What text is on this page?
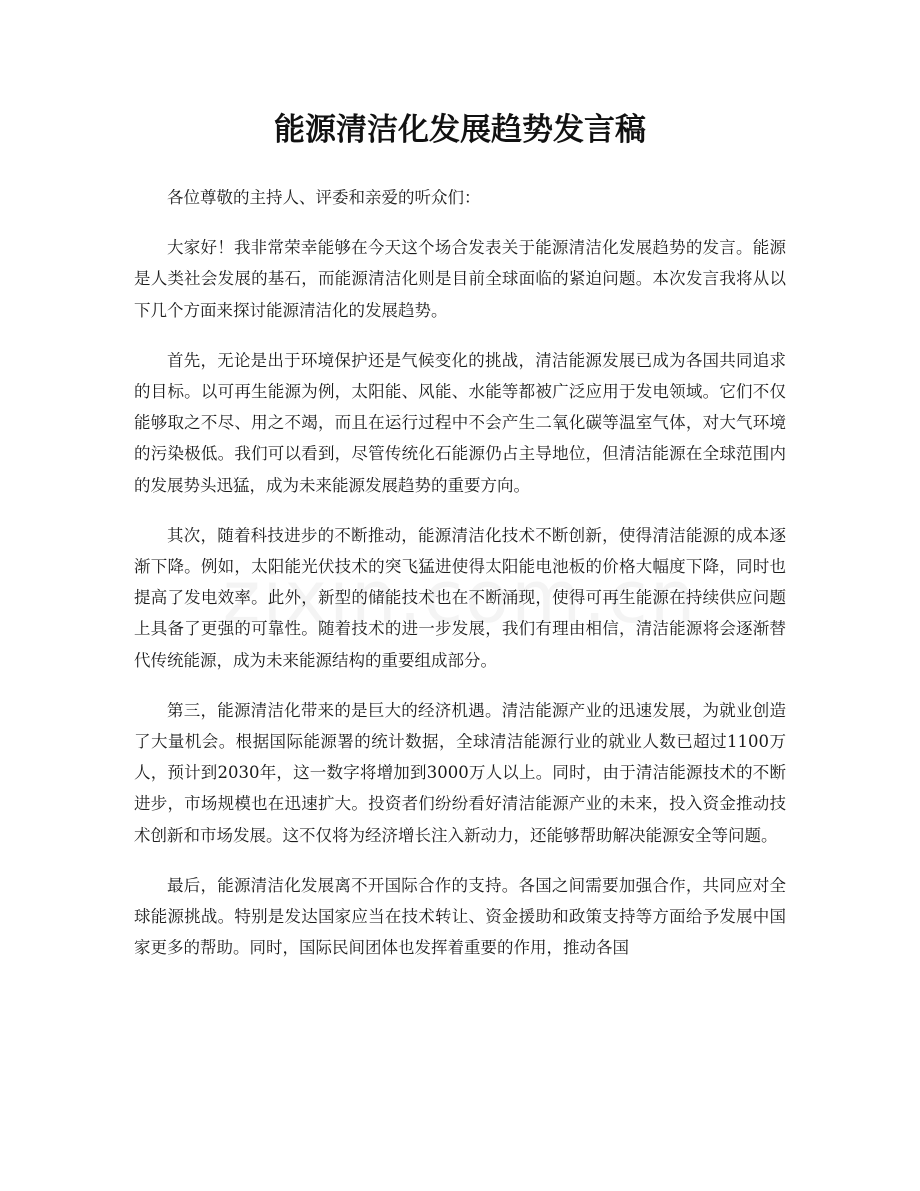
能源清洁化发展趋势发言稿

各位尊敬的主持人、评委和亲爱的听众们：

大家好！我非常荣幸能够在今天这个场合发表关于能源清洁化发展趋势的发言。能源是人类社会发展的基石，而能源清洁化则是目前全球面临的紧迫问题。本次发言我将从以下几个方面来探讨能源清洁化的发展趋势。

首先，无论是出于环境保护还是气候变化的挑战，清洁能源发展已成为各国共同追求的目标。以可再生能源为例，太阳能、风能、水能等都被广泛应用于发电领域。它们不仅能够取之不尽、用之不竭，而且在运行过程中不会产生二氧化碳等温室气体，对大气环境的污染极低。我们可以看到，尽管传统化石能源仍占主导地位，但清洁能源在全球范围内的发展势头迅猛，成为未来能源发展趋势的重要方向。

其次，随着科技进步的不断推动，能源清洁化技术不断创新，使得清洁能源的成本逐渐下降。例如，太阳能光伏技术的突飞猛进使得太阳能电池板的价格大幅度下降，同时也提高了发电效率。此外，新型的储能技术也在不断涌现，使得可再生能源在持续供应问题上具备了更强的可靠性。随着技术的进一步发展，我们有理由相信，清洁能源将会逐渐替代传统能源，成为未来能源结构的重要组成部分。

第三，能源清洁化带来的是巨大的经济机遇。清洁能源产业的迅速发展，为就业创造了大量机会。根据国际能源署的统计数据，全球清洁能源行业的就业人数已超过1100万人，预计到2030年，这一数字将增加到3000万人以上。同时，由于清洁能源技术的不断进步，市场规模也在迅速扩大。投资者们纷纷看好清洁能源产业的未来，投入资金推动技术创新和市场发展。这不仅将为经济增长注入新动力，还能够帮助解决能源安全等问题。

最后，能源清洁化发展离不开国际合作的支持。各国之间需要加强合作，共同应对全球能源挑战。特别是发达国家应当在技术转让、资金援助和政策支持等方面给予发展中国家更多的帮助。同时，国际民间团体也发挥着重要的作用，推动各国
